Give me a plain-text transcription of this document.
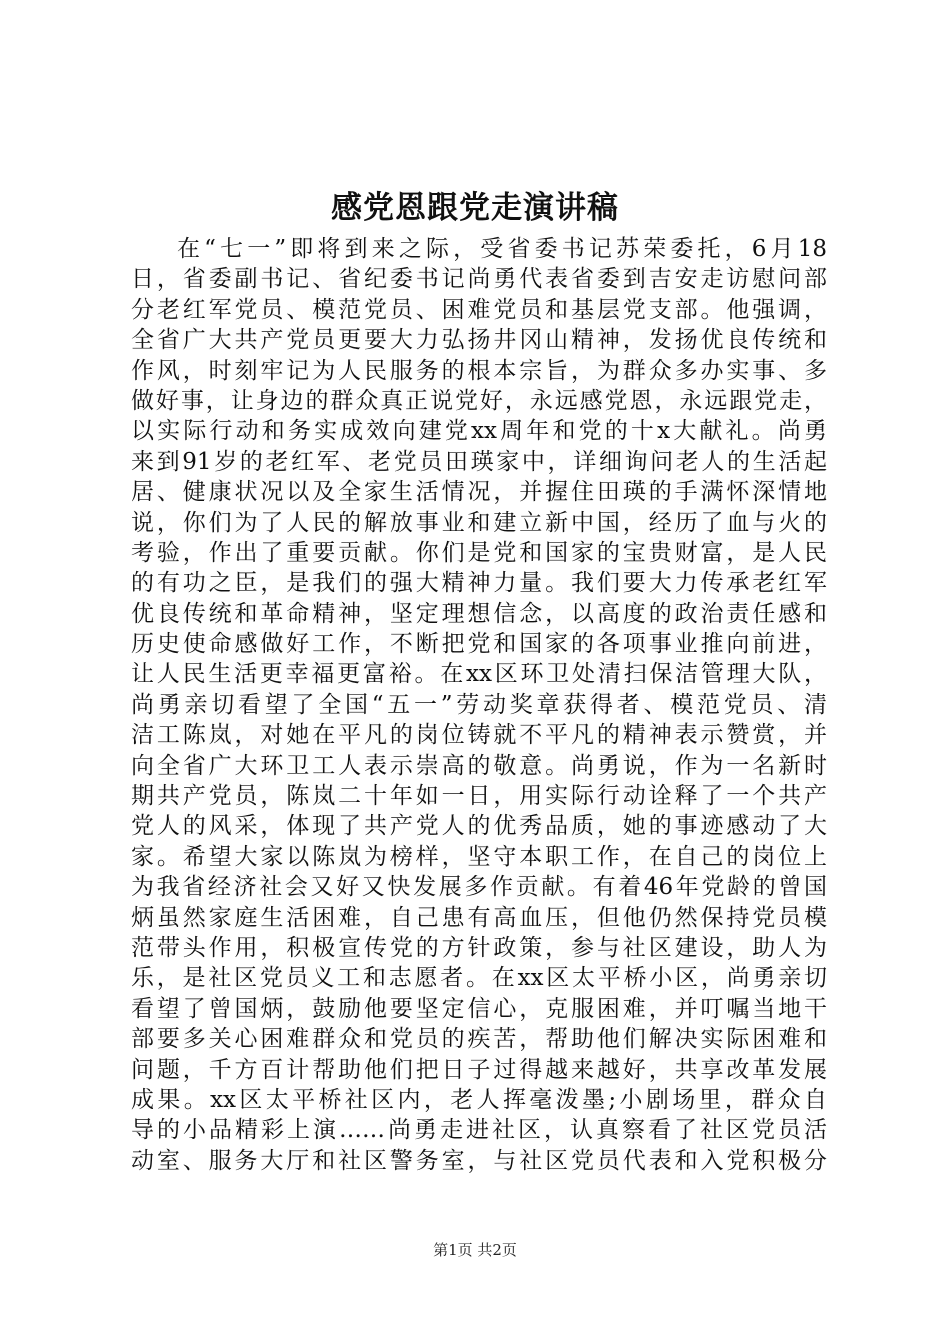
感党恩跟党走演讲稿
在“七一”即将到来之际，受省委书记苏荣委托，6月18
日，省委副书记、省纪委书记尚勇代表省委到吉安走访慰问部
分老红军党员、模范党员、困难党员和基层党支部。他强调，
全省广大共产党员更要大力弘扬井冈山精神，发扬优良传统和
作风，时刻牢记为人民服务的根本宗旨，为群众多办实事、多
做好事，让身边的群众真正说党好，永远感党恩，永远跟党走，
以实际行动和务实成效向建党xx周年和党的十x大献礼。尚勇
来到91岁的老红军、老党员田瑛家中，详细询问老人的生活起
居、健康状况以及全家生活情况，并握住田瑛的手满怀深情地
说，你们为了人民的解放事业和建立新中国，经历了血与火的
考验，作出了重要贡献。你们是党和国家的宝贵财富，是人民
的有功之臣，是我们的强大精神力量。我们要大力传承老红军
优良传统和革命精神，坚定理想信念，以高度的政治责任感和
历史使命感做好工作，不断把党和国家的各项事业推向前进，
让人民生活更幸福更富裕。在xx区环卫处清扫保洁管理大队，
尚勇亲切看望了全国“五一”劳动奖章获得者、模范党员、清
洁工陈岚，对她在平凡的岗位铸就不平凡的精神表示赞赏，并
向全省广大环卫工人表示崇高的敬意。尚勇说，作为一名新时
期共产党员，陈岚二十年如一日，用实际行动诠释了一个共产
党人的风采，体现了共产党人的优秀品质，她的事迹感动了大
家。希望大家以陈岚为榜样，坚守本职工作，在自己的岗位上
为我省经济社会又好又快发展多作贡献。有着46年党龄的曾国
炳虽然家庭生活困难，自己患有高血压，但他仍然保持党员模
范带头作用，积极宣传党的方针政策，参与社区建设，助人为
乐，是社区党员义工和志愿者。在xx区太平桥小区，尚勇亲切
看望了曾国炳，鼓励他要坚定信心，克服困难，并叮嘱当地干
部要多关心困难群众和党员的疾苦，帮助他们解决实际困难和
问题，千方百计帮助他们把日子过得越来越好，共享改革发展
成果。xx区太平桥社区内，老人挥毫泼墨;小剧场里，群众自
导的小品精彩上演……尚勇走进社区，认真察看了社区党员活
动室、服务大厅和社区警务室，与社区党员代表和入党积极分
第1页 共2页
